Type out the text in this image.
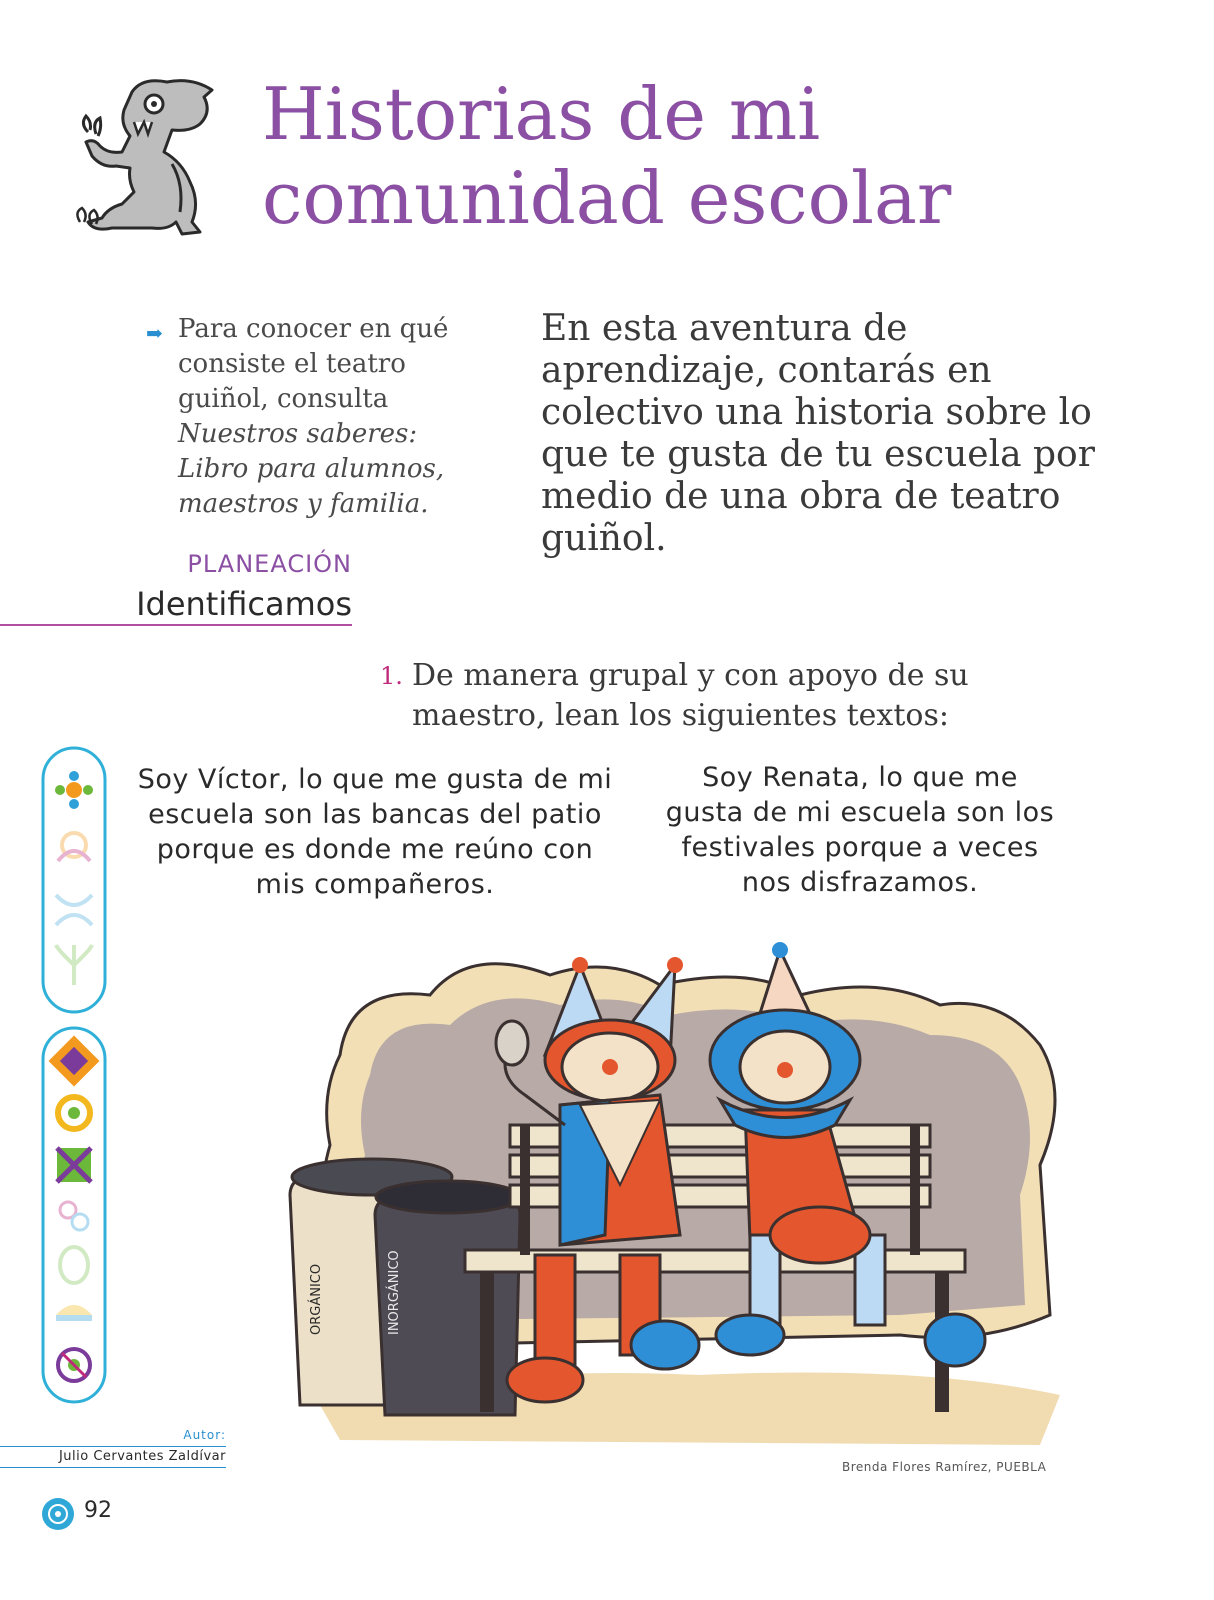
Historias de mi
comunidad escolar
➡ Para conocer en qué consiste el teatro guiñol, consulta
Nuestros saberes:
Libro para alumnos,
maestros y familia.
En esta aventura de aprendizaje, contarás en colectivo una historia sobre lo que te gusta de tu escuela por medio de una obra de teatro guiñol.
PLANEACIÓN
Identificamos
1. De manera grupal y con apoyo de su maestro, lean los siguientes textos:
Soy Víctor, lo que me gusta de mi escuela son las bancas del patio porque es donde me reúno con mis compañeros.
Soy Renata, lo que me gusta de mi escuela son los festivales porque a veces nos disfrazamos.
ORGÁNICO	INORGÁNICO
Brenda Flores Ramírez, PUEBLA
Autor:
Julio Cervantes Zaldívar
92
